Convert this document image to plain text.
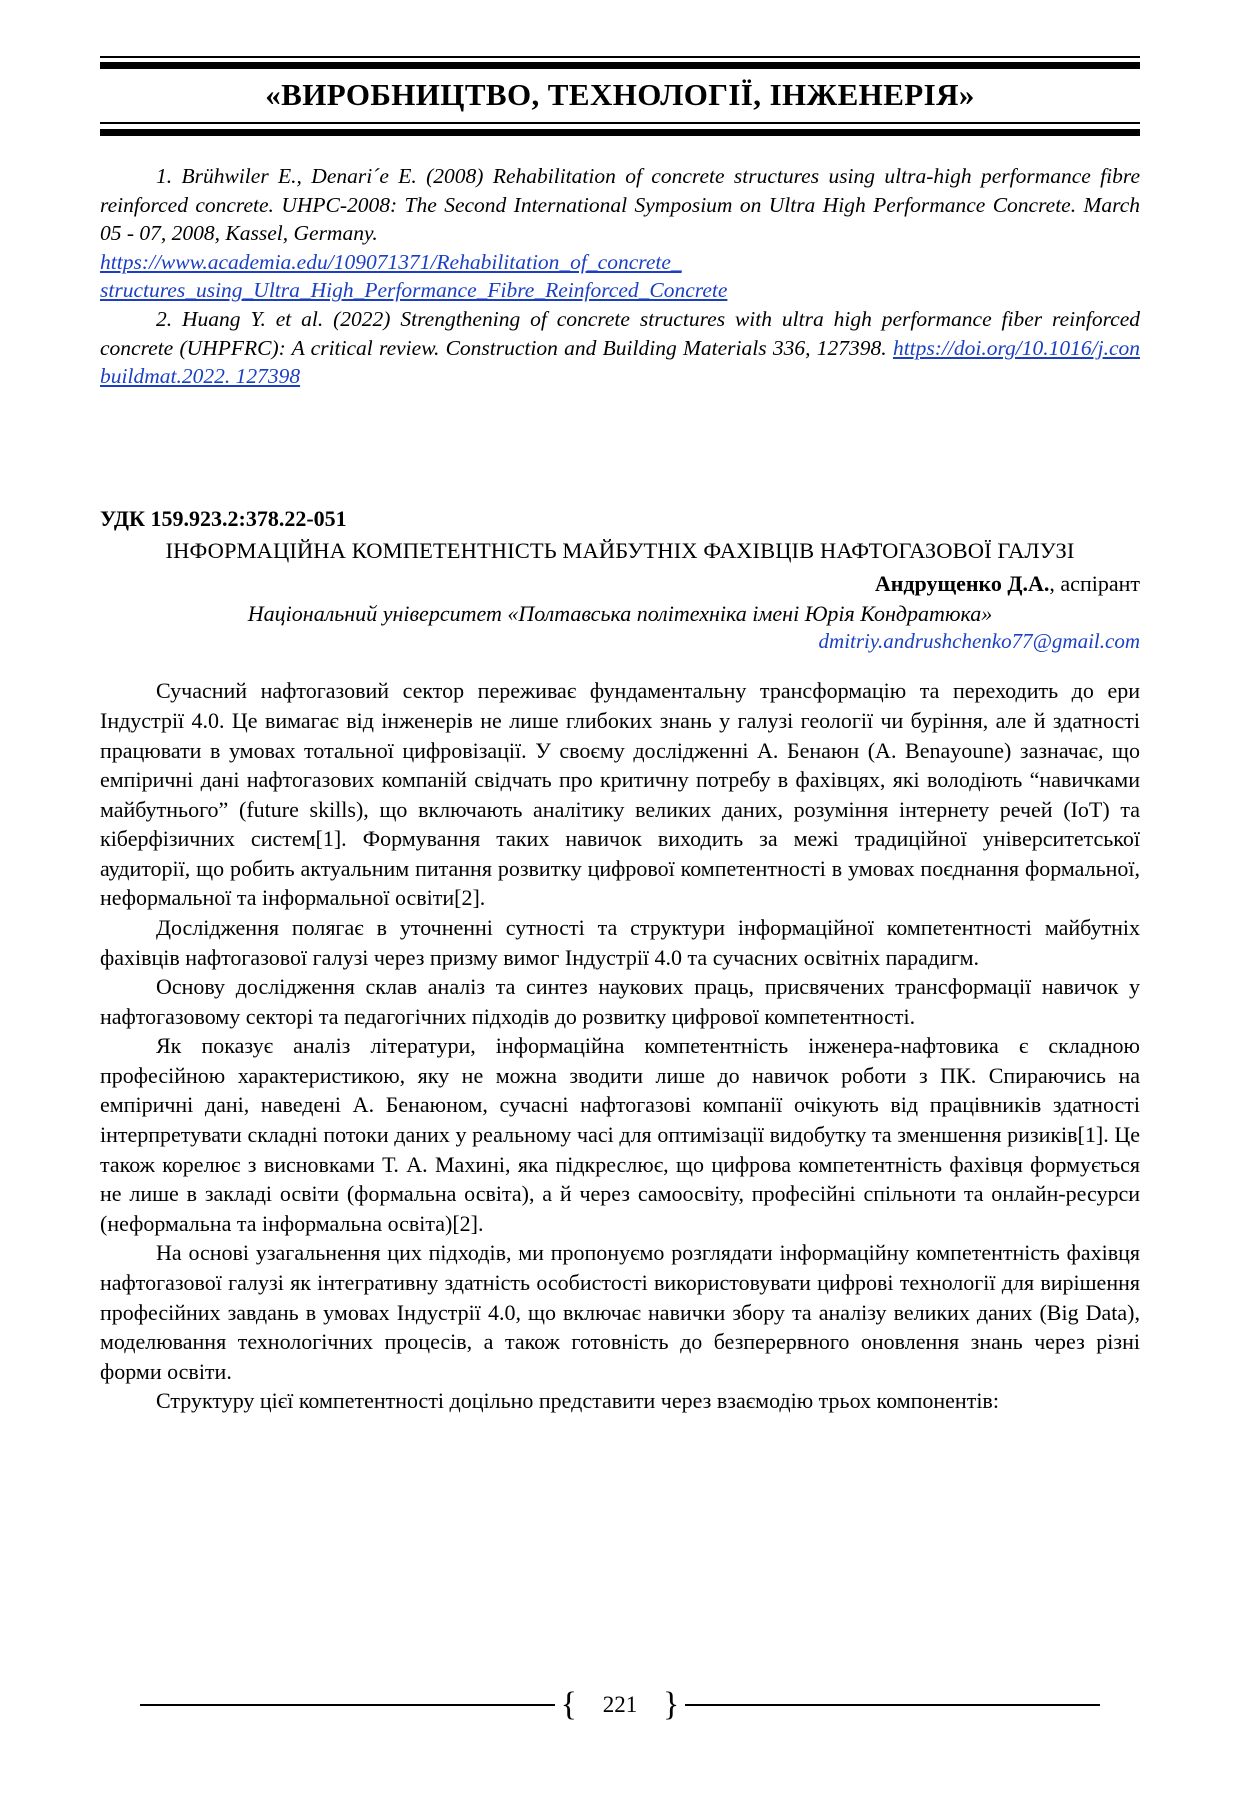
«ВИРОБНИЦТВО, ТЕХНОЛОГІЇ, ІНЖЕНЕРІЯ»

1. Brühwiler E., Denari´e E. (2008) Rehabilitation of concrete structures using ultra-high performance fibre reinforced concrete. UHPC-2008: The Second International Symposium on Ultra High Performance Concrete. March 05 - 07, 2008, Kassel, Germany.

https://www.academia.edu/109071371/Rehabilitation_of_concrete_
structures_using_Ultra_High_Performance_Fibre_Reinforced_Concrete

2. Huang Y. et al. (2022) Strengthening of concrete structures with ultra high performance fiber reinforced concrete (UHPFRC): A critical review. Construction and Building Materials 336, 127398. https://doi.org/10.1016/j.conbuildmat.2022. 127398

УДК 159.923.2:378.22-051
ІНФОРМАЦІЙНА КОМПЕТЕНТНІСТЬ МАЙБУТНІХ ФАХІВЦІВ НАФТОГАЗОВОЇ ГАЛУЗІ
Андрущенко Д.А., аспірант
Національний університет «Полтавська політехніка імені Юрія Кондратюка»
dmitriy.andrushchenko77@gmail.com

Сучасний нафтогазовий сектор переживає фундаментальну трансформацію та переходить до ери Індустрії 4.0. Це вимагає від інженерів не лише глибоких знань у галузі геології чи буріння, але й здатності працювати в умовах тотальної цифровізації. У своєму дослідженні А. Бенаюн (A. Benayoune) зазначає, що емпіричні дані нафтогазових компаній свідчать про критичну потребу в фахівцях, які володіють “навичками майбутнього” (future skills), що включають аналітику великих даних, розуміння інтернету речей (IoT) та кіберфізичних систем[1]. Формування таких навичок виходить за межі традиційної університетської аудиторії, що робить актуальним питання розвитку цифрової компетентності в умовах поєднання формальної, неформальної та інформальної освіти[2].

Дослідження полягає в уточненні сутності та структури інформаційної компетентності майбутніх фахівців нафтогазової галузі через призму вимог Індустрії 4.0 та сучасних освітніх парадигм.

Основу дослідження склав аналіз та синтез наукових праць, присвячених трансформації навичок у нафтогазовому секторі та педагогічних підходів до розвитку цифрової компетентності.

Як показує аналіз літератури, інформаційна компетентність інженера-нафтовика є складною професійною характеристикою, яку не можна зводити лише до навичок роботи з ПК. Спираючись на емпіричні дані, наведені А. Бенаюном, сучасні нафтогазові компанії очікують від працівників здатності інтерпретувати складні потоки даних у реальному часі для оптимізації видобутку та зменшення ризиків[1]. Це також корелює з висновками Т. А. Махині, яка підкреслює, що цифрова компетентність фахівця формується не лише в закладі освіти (формальна освіта), а й через самоосвіту, професійні спільноти та онлайн-ресурси (неформальна та інформальна освіта)[2].

На основі узагальнення цих підходів, ми пропонуємо розглядати інформаційну компетентність фахівця нафтогазової галузі як інтегративну здатність особистості використовувати цифрові технології для вирішення професійних завдань в умовах Індустрії 4.0, що включає навички збору та аналізу великих даних (Big Data), моделювання технологічних процесів, а також готовність до безперервного оновлення знань через різні форми освіти.

Структуру цієї компетентності доцільно представити через взаємодію трьох компонентів:

{	221 }
